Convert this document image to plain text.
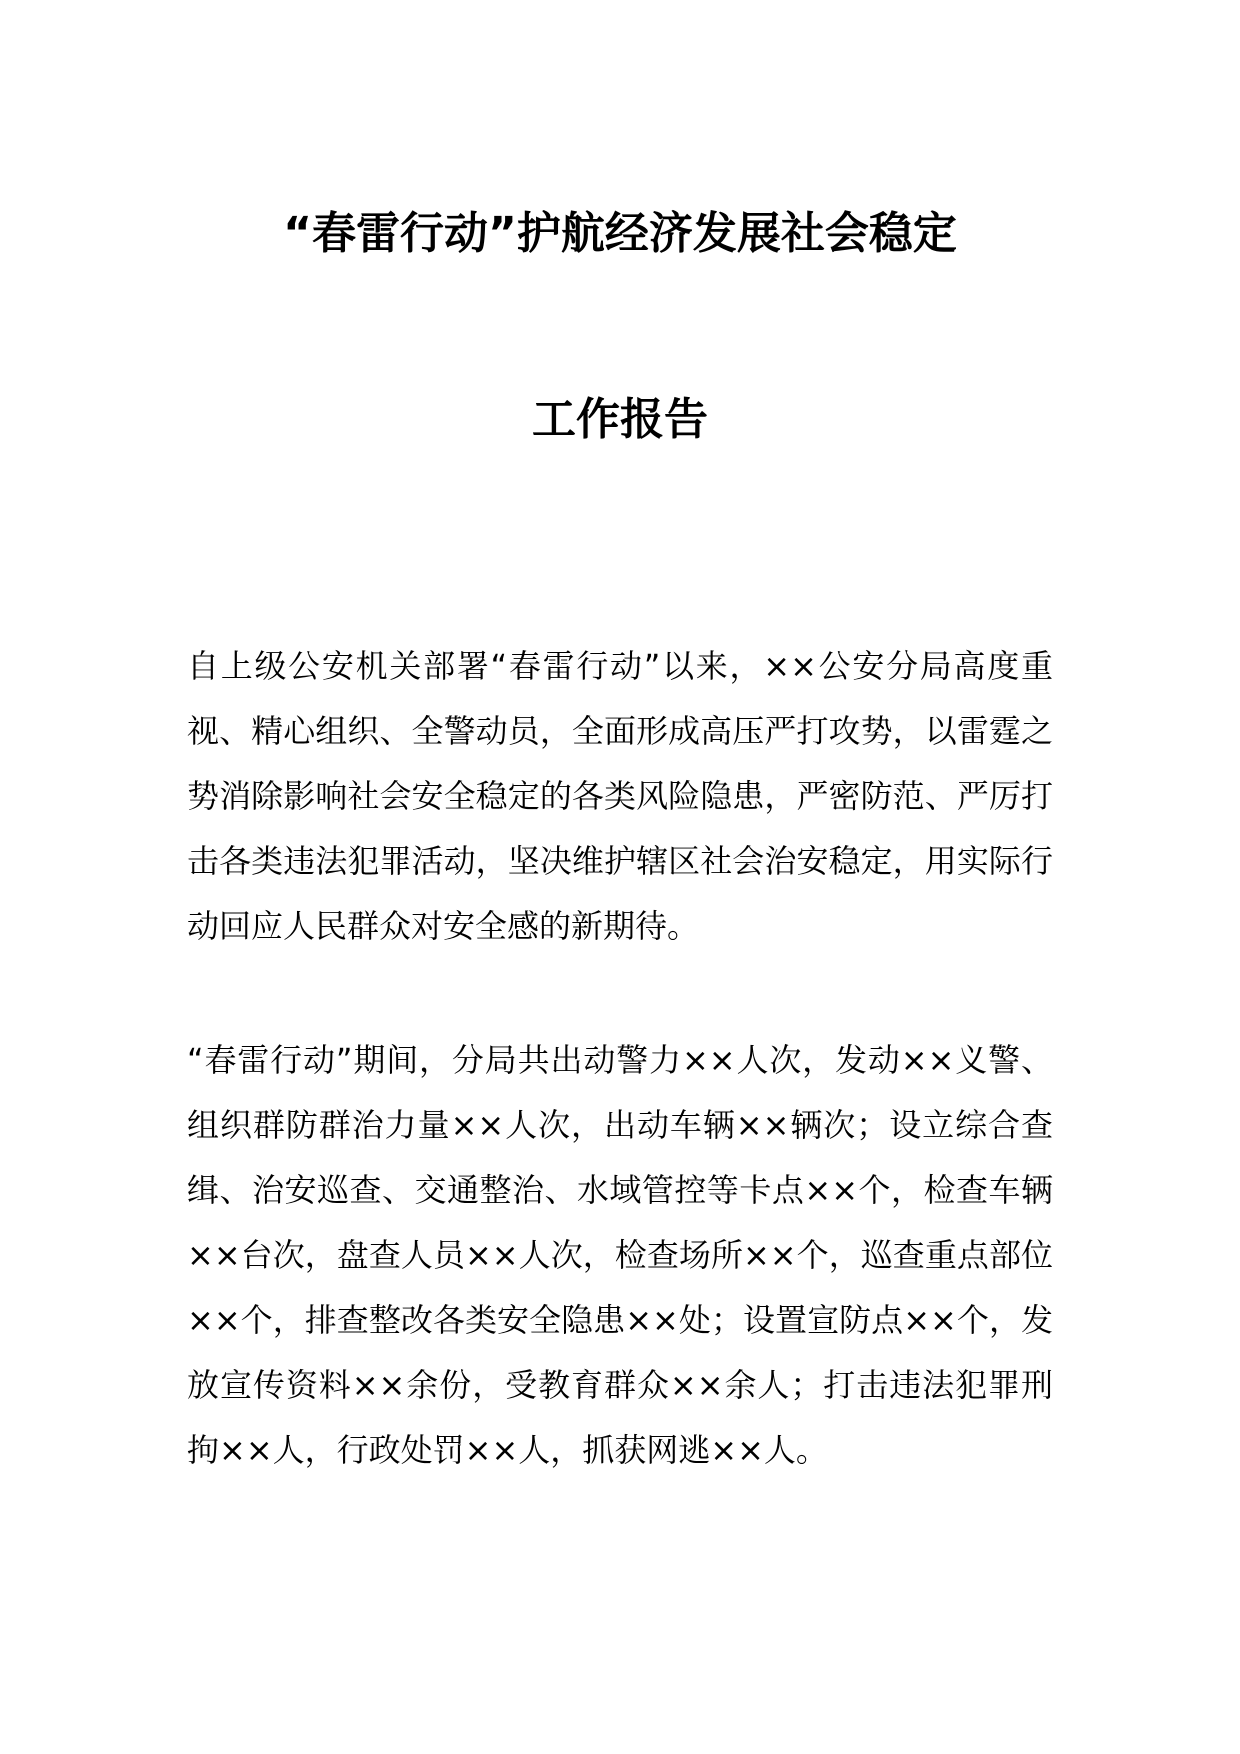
“春雷行动”护航经济发展社会稳定
工作报告

自上级公安机关部署“春雷行动”以来，××公安分局高度重视、精心组织、全警动员，全面形成高压严打攻势，以雷霆之势消除影响社会安全稳定的各类风险隐患，严密防范、严厉打击各类违法犯罪活动，坚决维护辖区社会治安稳定，用实际行动回应人民群众对安全感的新期待。

“春雷行动”期间，分局共出动警力××人次，发动××义警、组织群防群治力量××人次，出动车辆××辆次；设立综合查缉、治安巡查、交通整治、水域管控等卡点××个，检查车辆××台次，盘查人员××人次，检查场所××个，巡查重点部位××个，排查整改各类安全隐患××处；设置宣防点××个，发放宣传资料××余份，受教育群众××余人；打击违法犯罪刑拘××人，行政处罚××人，抓获网逃××人。
